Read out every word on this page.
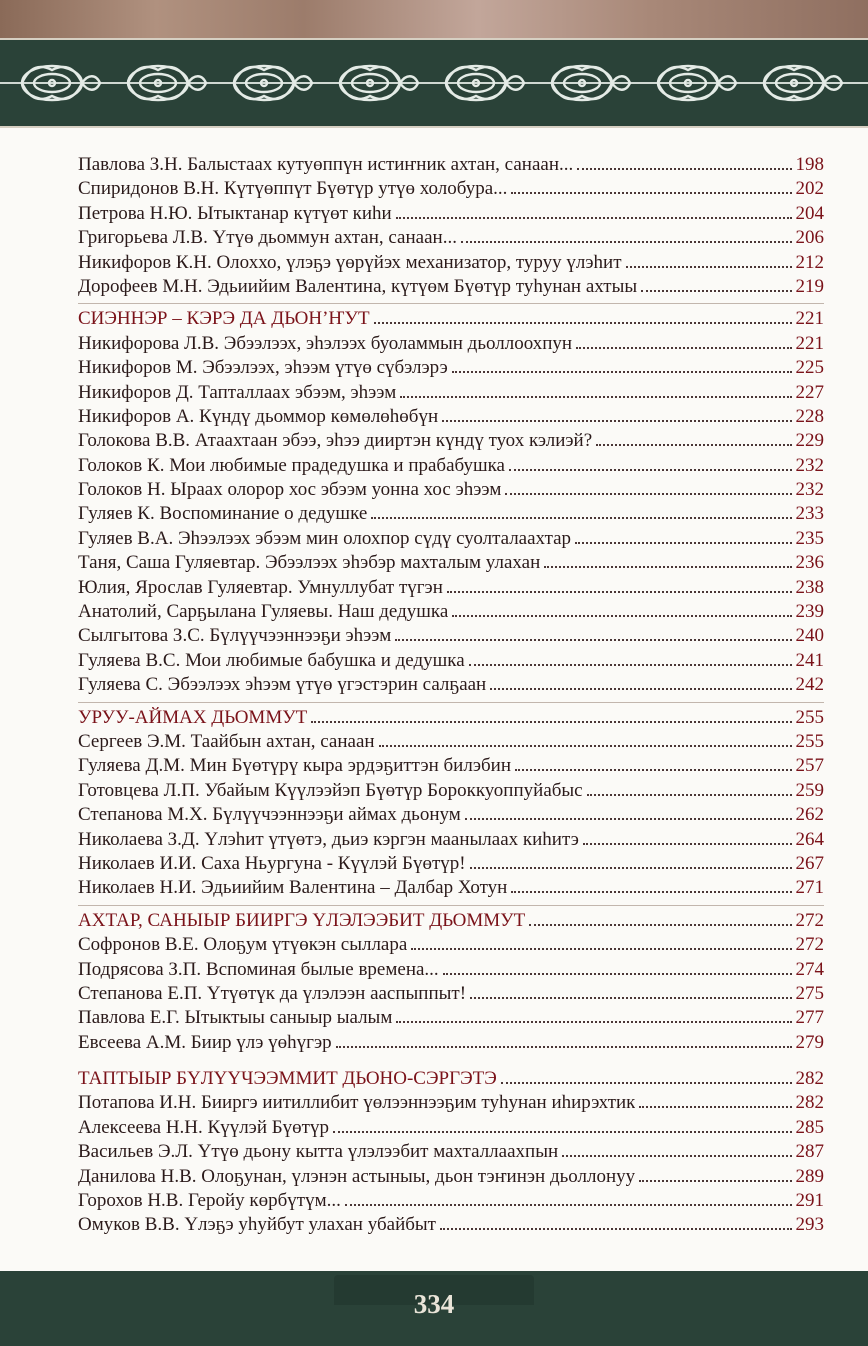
Павлова З.Н. Балыстаах кутуөппүн истиҥник ахтан, санаан...	198
Спиридонов В.Н. Күтүөппүт Бүөтүр утүө холобура...	202
Петрова Н.Ю. Ытыктанар күтүөт киһи	204
Григорьева Л.В. Үтүө дьоммун ахтан, санаан...	206
Никифоров К.Н. Олоххо, үлэҕэ үөрүйэх механизатор, туруу үлэһит	212
Дорофеев М.Н. Эдьиийим Валентина, күтүөм Бүөтүр туһунан ахтыы	219
СИЭННЭР – КЭРЭ ДА ДЬОН’ҤУТ	221
Никифорова Л.В. Эбээлээх, эһэлээх буоламмын дьоллоохпун	221
Никифоров М. Эбээлээх, эһээм үтүө сүбэлэрэ	225
Никифоров Д. Тапталлаах эбээм, эһээм	227
Никифоров А. Күндү дьоммор көмөлөһөбүн	228
Голокова В.В. Атаахтаан эбээ, эһээ дииртэн күндү туох кэлиэй?	229
Голоков К. Мои любимые прадедушка и прабабушка	232
Голоков Н. Ыраах олорор хос эбээм уонна хос эһээм	232
Гуляев К. Воспоминание о дедушке	233
Гуляев В.А. Эһээлээх эбээм мин олохпор сүдү суолталаахтар	235
Таня, Саша Гуляевтар. Эбээлээх эһэбэр махталым улахан	236
Юлия, Ярослав Гуляевтар. Умнуллубат түгэн	238
Анатолий, Сарҕылана Гуляевы. Наш дедушка	239
Сылгытова З.С. Бүлүүчээннээҕи эһээм	240
Гуляева В.С. Мои любимые бабушка и дедушка	241
Гуляева С. Эбээлээх эһээм үтүө үгэстэрин салҕаан	242
УРУУ-АЙМАХ ДЬОММУТ	255
Сергеев Э.М. Таайбын ахтан, санаан	255
Гуляева Д.М. Мин Бүөтүрү кыра эрдэҕиттэн билэбин	257
Готовцева Л.П. Убайым Күүлээйэп Бүөтүр Бороккуоппуйабыс	259
Степанова М.Х. Бүлүүчээннээҕи аймах дьонум	262
Николаева З.Д. Үлэһит үтүөтэ, дьиэ кэргэн маанылаах киһитэ	264
Николаев И.И. Саха Ньургуна - Күүлэй Бүөтүр!	267
Николаев Н.И. Эдьиийим Валентина – Далбар Хотун	271
АХТАР, САНЫЫР БИИРГЭ ҮЛЭЛЭЭБИТ ДЬОММУТ	272
Софронов В.Е. Олоҕум үтүөкэн сыллара	272
Подрясова З.П. Вспоминая былые времена...	274
Степанова Е.П. Үтүөтүк да үлэлээн ааспыппыт!	275
Павлова Е.Г. Ытыктыы саныыр ыалым	277
Евсеева А.М. Биир үлэ үөһүгэр	279
ТАПТЫЫР БҮЛҮҮЧЭЭММИТ ДЬОНО-СЭРГЭТЭ	282
Потапова И.Н. Бииргэ иитиллибит үөлээннээҕим туһунан иһирэхтик	282
Алексеева Н.Н. Күүлэй Бүөтүр	285
Васильев Э.Л. Үтүө дьону кытта үлэлээбит махталлаахпын	287
Данилова Н.В. Олоҕунан, үлэнэн астыныы, дьон тэҥинэн дьоллонуу	289
Горохов Н.В. Геройу көрбүтүм...	291
Омуков В.В. Үлэҕэ уһуйбут улахан убайбыт	293
334
